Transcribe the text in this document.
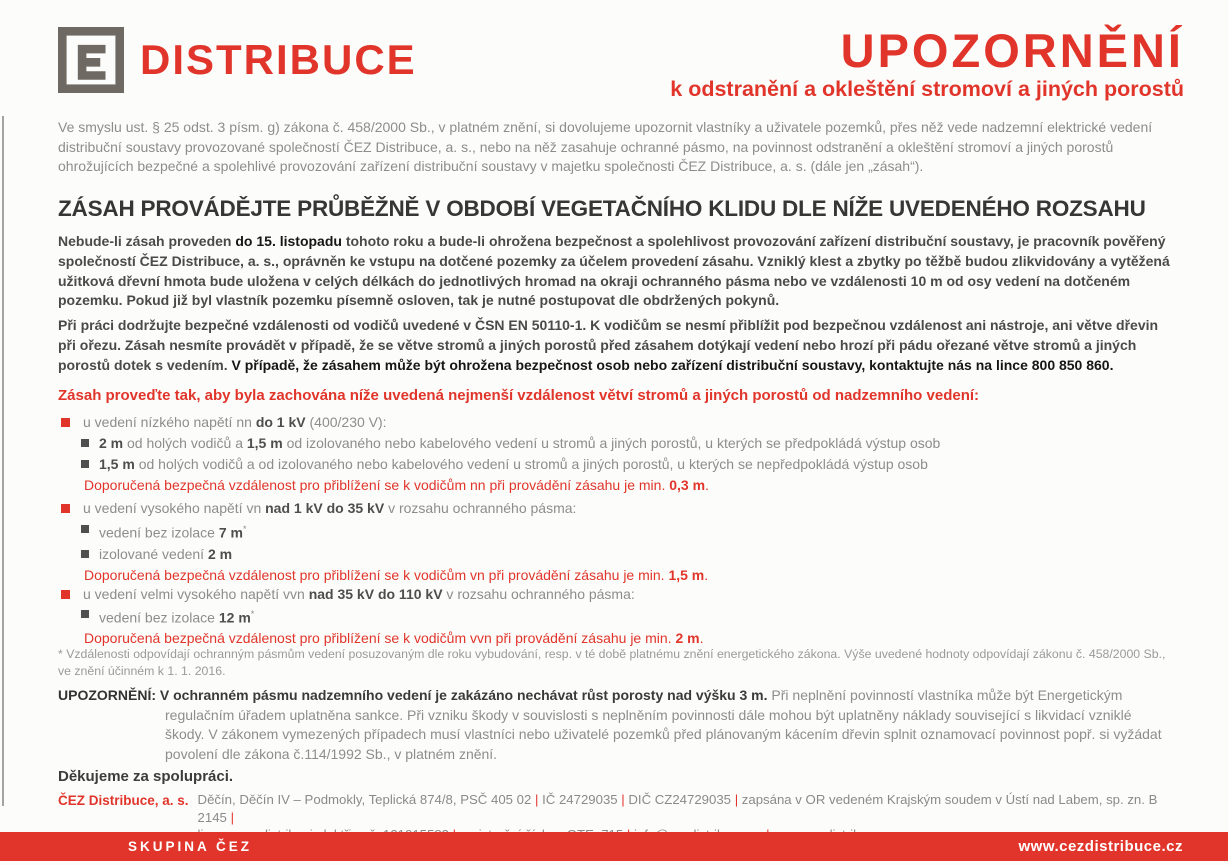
DISTRIBUCE	UPOZORNĚNÍ
k odstranění a okleštění stromoví a jiných porostů

Ve smyslu ust. § 25 odst. 3 písm. g) zákona č. 458/2000 Sb., v platném znění, si dovolujeme upozornit vlastníky a uživatele pozemků, přes něž vede nadzemní elektrické vedení distribuční soustavy provozované společností ČEZ Distribuce, a. s., nebo na něž zasahuje ochranné pásmo, na povinnost odstranění a okleštění stromoví a jiných porostů ohrožujících bezpečné a spolehlivé provozování zařízení distribuční soustavy v majetku společnosti ČEZ Distribuce, a. s. (dále jen „zásah“).

ZÁSAH PROVÁDĚJTE PRŮBĚŽNĚ V OBDOBÍ VEGETAČNÍHO KLIDU DLE NÍŽE UVEDENÉHO ROZSAHU

Nebude-li zásah proveden do 15. listopadu tohoto roku a bude-li ohrožena bezpečnost a spolehlivost provozování zařízení distribuční soustavy, je pracovník pověřený společností ČEZ Distribuce, a. s., oprávněn ke vstupu na dotčené pozemky za účelem provedení zásahu. Vzniklý klest a zbytky po těžbě budou zlikvidovány a vytěžená užitková dřevní hmota bude uložena v celých délkách do jednotlivých hromad na okraji ochranného pásma nebo ve vzdálenosti 10 m od osy vedení na dotčeném pozemku. Pokud již byl vlastník pozemku písemně osloven, tak je nutné postupovat dle obdržených pokynů.

Při práci dodržujte bezpečné vzdálenosti od vodičů uvedené v ČSN EN 50110-1. K vodičům se nesmí přiblížit pod bezpečnou vzdálenost ani nástroje, ani větve dřevin při ořezu. Zásah nesmíte provádět v případě, že se větve stromů a jiných porostů před zásahem dotýkají vedení nebo hrozí při pádu ořezané větve stromů a jiných porostů dotek s vedením. V případě, že zásahem může být ohrožena bezpečnost osob nebo zařízení distribuční soustavy, kontaktujte nás na lince 800 850 860.

Zásah proveďte tak, aby byla zachována níže uvedená nejmenší vzdálenost větví stromů a jiných porostů od nadzemního vedení:

u vedení nízkého napětí nn do 1 kV (400/230 V):
2 m od holých vodičů a 1,5 m od izolovaného nebo kabelového vedení u stromů a jiných porostů, u kterých se předpokládá výstup osob
1,5 m od holých vodičů a od izolovaného nebo kabelového vedení u stromů a jiných porostů, u kterých se nepředpokládá výstup osob
Doporučená bezpečná vzdálenost pro přiblížení se k vodičům nn při provádění zásahu je min. 0,3 m.
u vedení vysokého napětí vn nad 1 kV do 35 kV v rozsahu ochranného pásma:
vedení bez izolace 7 m*
izolované vedení 2 m
Doporučená bezpečná vzdálenost pro přiblížení se k vodičům vn při provádění zásahu je min. 1,5 m.
u vedení velmi vysokého napětí vvn nad 35 kV do 110 kV v rozsahu ochranného pásma:
vedení bez izolace 12 m*
Doporučená bezpečná vzdálenost pro přiblížení se k vodičům vvn při provádění zásahu je min. 2 m.

* Vzdálenosti odpovídají ochranným pásmům vedení posuzovaným dle roku vybudování, resp. v té době platnému znění energetického zákona. Výše uvedené hodnoty odpovídají zákonu č. 458/2000 Sb., ve znění účinném k 1. 1. 2016.

UPOZORNĚNÍ: V ochranném pásmu nadzemního vedení je zakázáno nechávat růst porosty nad výšku 3 m. Při neplnění povinností vlastníka může být Energetickým regulačním úřadem uplatněna sankce. Při vzniku škody v souvislosti s neplněním povinnosti dále mohou být uplatněny náklady související s likvidací vzniklé škody. V zákonem vymezených případech musí vlastníci nebo uživatelé pozemků před plánovaným kácením dřevin splnit oznamovací povinnost popř. si vyžádat povolení dle zákona č.114/1992 Sb., v platném znění.

Děkujeme za spolupráci.

ČEZ Distribuce, a. s. Děčín, Děčín IV – Podmokly, Teplická 874/8, PSČ 405 02 | IČ 24729035 | DIČ CZ24729035 | zapsána v OR vedeném Krajským soudem v Ústí nad Labem, sp. zn. B 2145 |
SKUPINA ČEZ	www.cezdistribuce.cz
